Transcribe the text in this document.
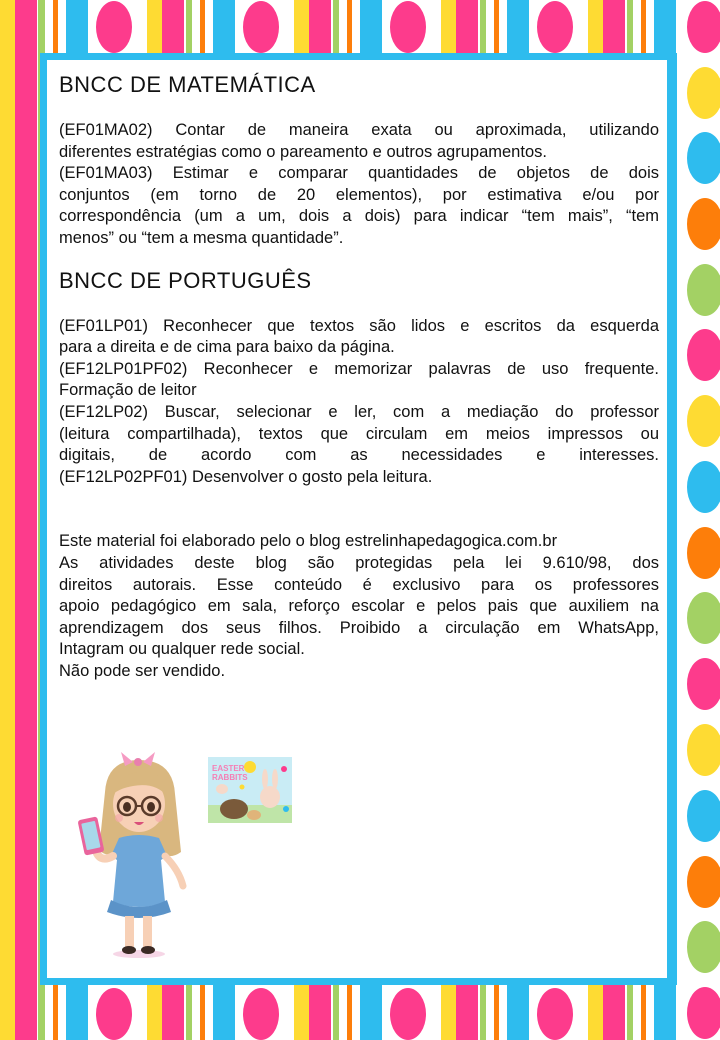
BNCC DE MATEMÁTICA
(EF01MA02) Contar de maneira exata ou aproximada, utilizando
diferentes estratégias como o pareamento e outros agrupamentos.
(EF01MA03) Estimar e comparar quantidades de objetos de dois
conjuntos (em torno de 20 elementos), por estimativa e/ou por
correspondência (um a um, dois a dois) para indicar “tem mais”, “tem
menos” ou “tem a mesma quantidade”.
BNCC DE PORTUGUÊS
(EF01LP01) Reconhecer que textos são lidos e escritos da esquerda
para a direita e de cima para baixo da página.
(EF12LP01PF02) Reconhecer e memorizar palavras de uso frequente.
Formação de leitor
(EF12LP02) Buscar, selecionar e ler, com a mediação do professor
(leitura compartilhada), textos que circulam em meios impressos ou
digitais, de acordo com as necessidades e interesses.
(EF12LP02PF01) Desenvolver o gosto pela leitura.
Este material foi elaborado pelo o blog estrelinhapedagogica.com.br
As atividades deste blog são protegidas pela lei 9.610/98, dos
direitos autorais. Esse conteúdo é exclusivo para os professores
apoio pedagógico em sala, reforço escolar e pelos pais que auxiliem na
aprendizagem dos seus filhos. Proibido a circulação em WhatsApp,
Intagram ou qualquer rede social.
Não pode ser vendido.
EASTER
RABBITS
